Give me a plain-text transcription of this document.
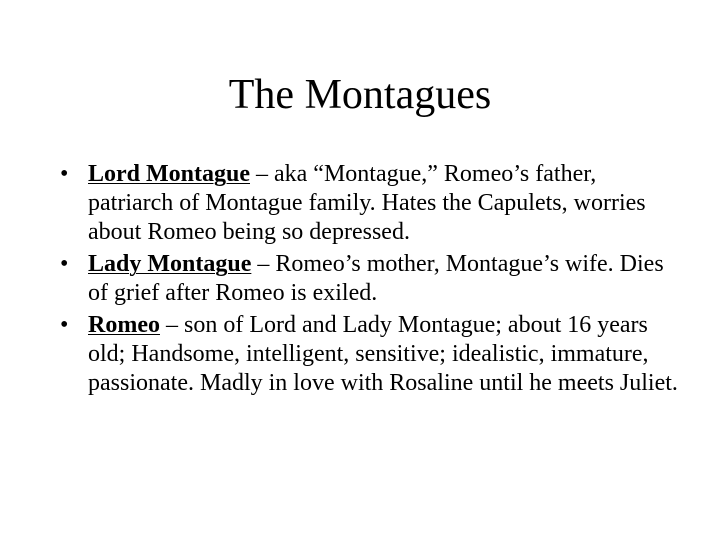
The Montagues
• Lord Montague – aka “Montague,” Romeo’s father, patriarch of Montague family. Hates the Capulets, worries about Romeo being so depressed.
• Lady Montague – Romeo’s mother, Montague’s wife. Dies of grief after Romeo is exiled.
• Romeo – son of Lord and Lady Montague; about 16 years old; Handsome, intelligent, sensitive; idealistic, immature, passionate. Madly in love with Rosaline until he meets Juliet.
